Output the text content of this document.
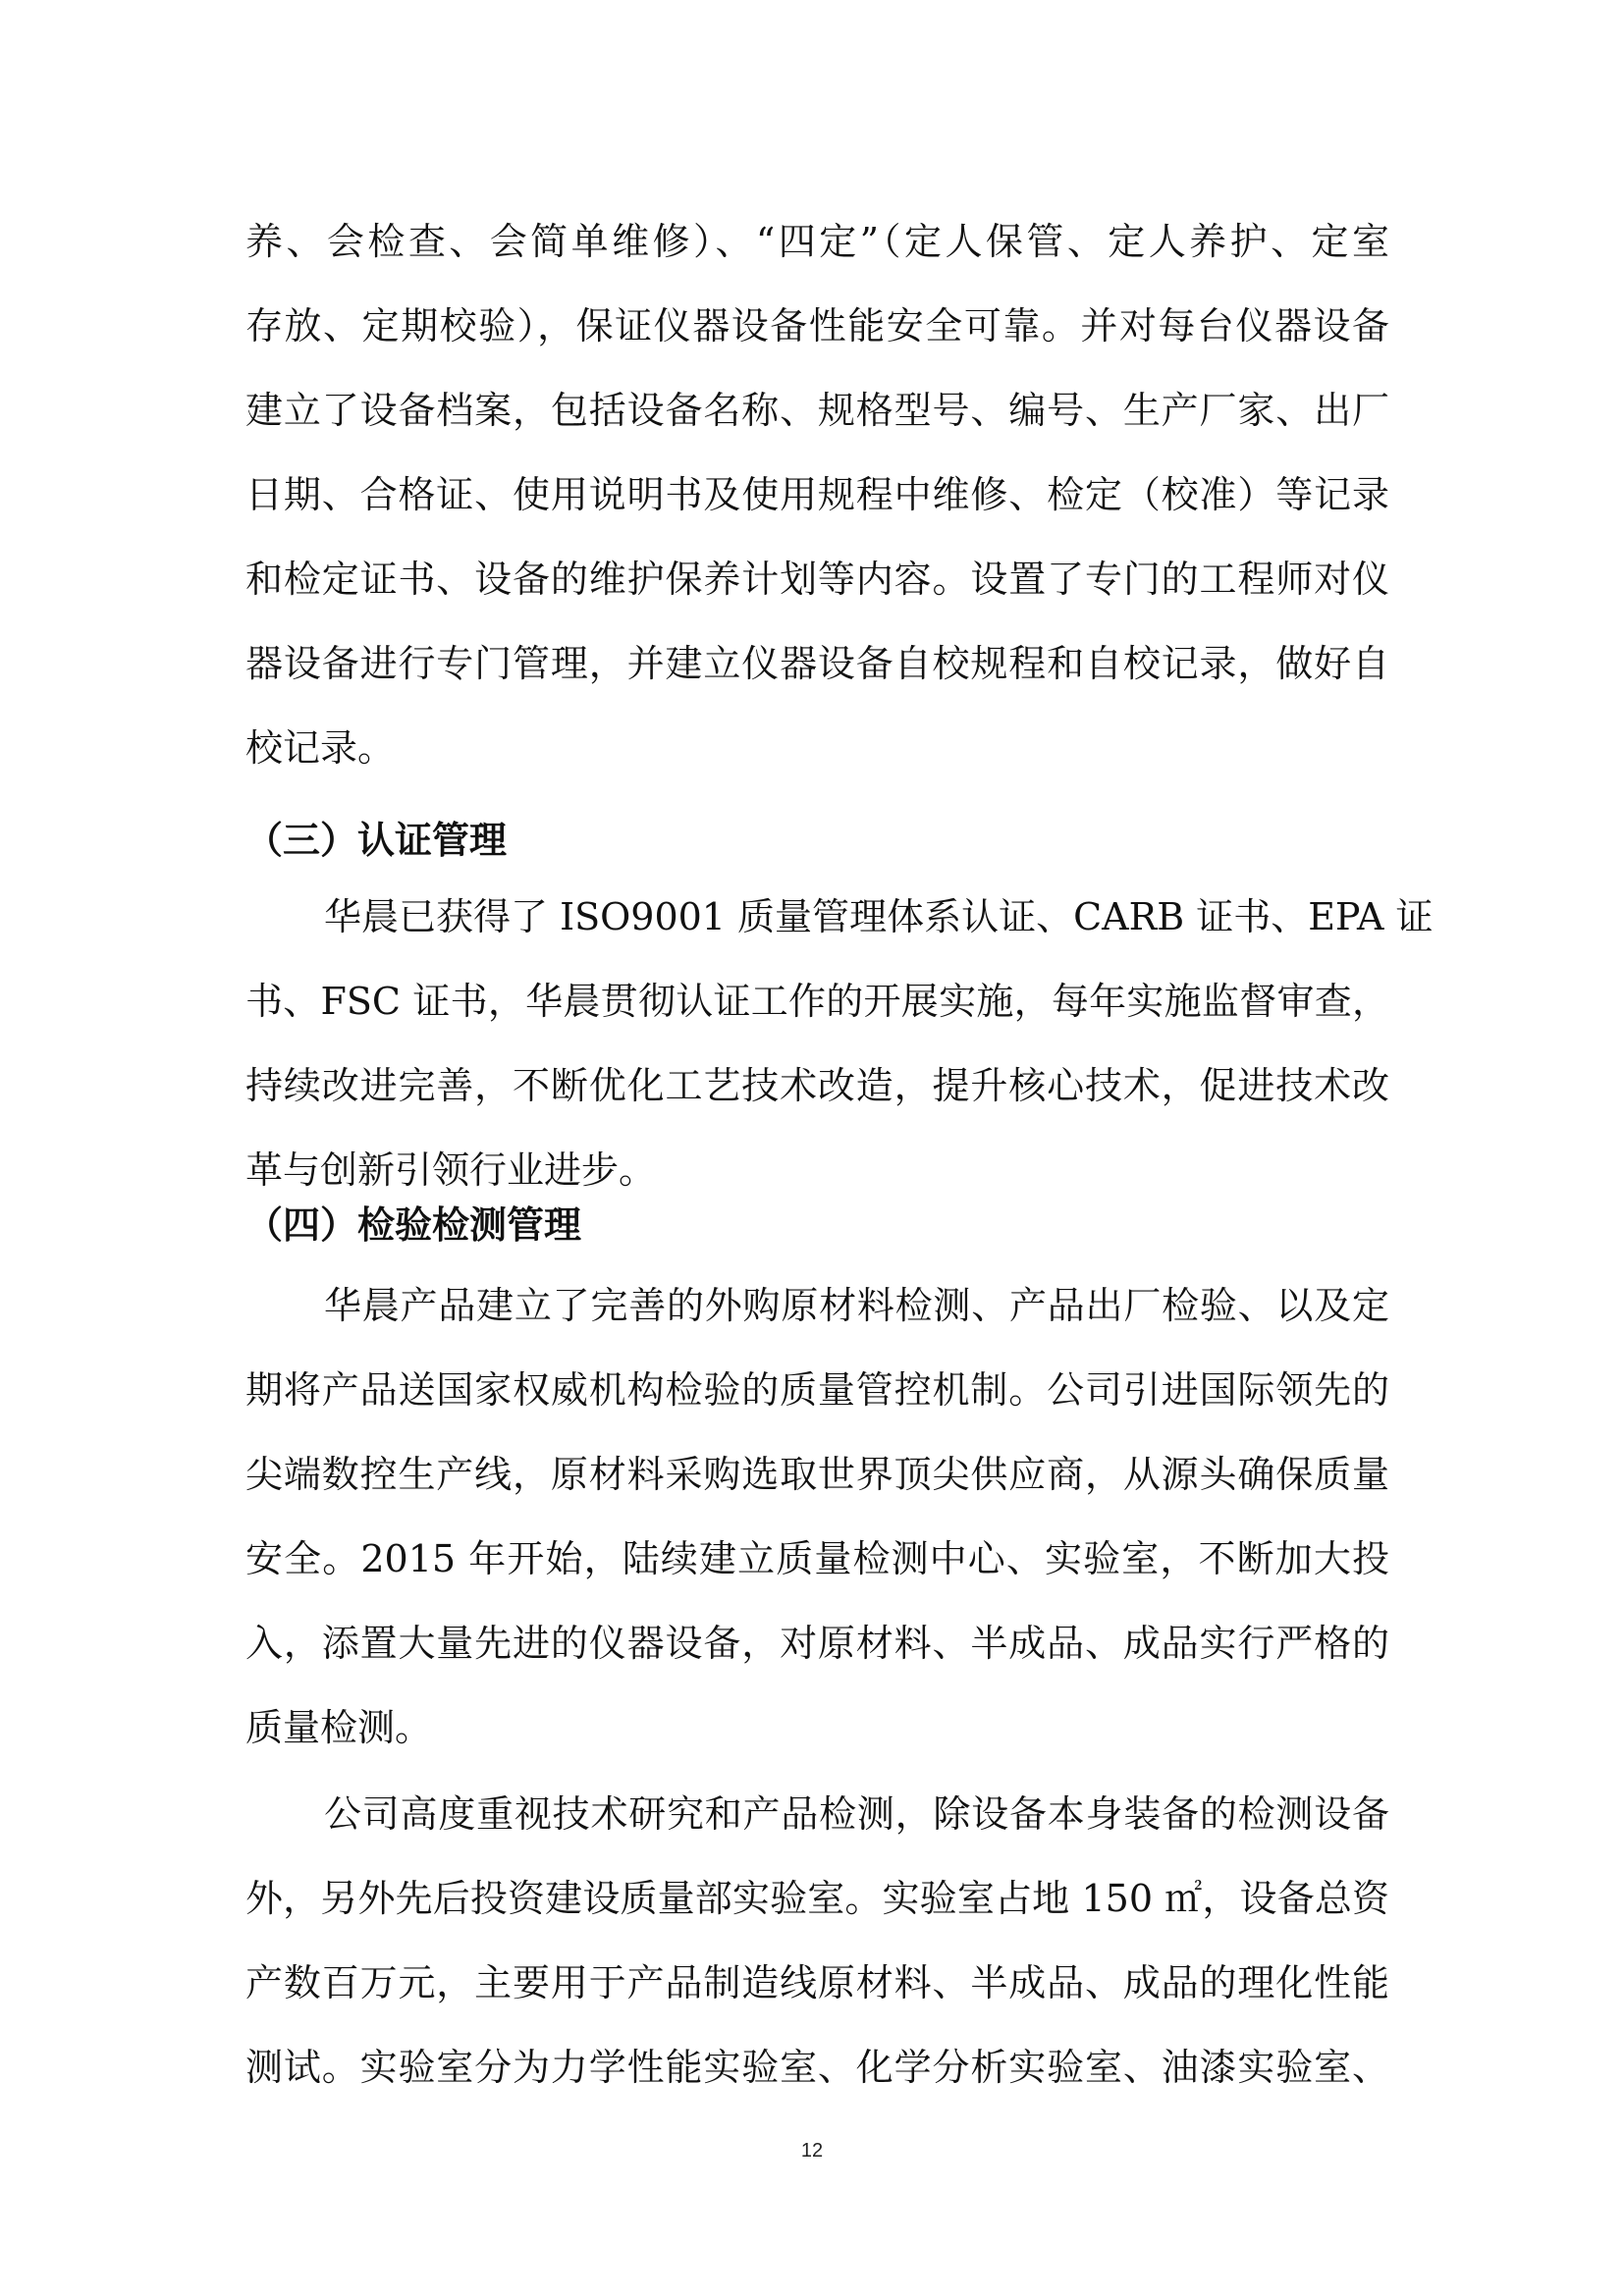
养、会检查、会简单维修）、“四定”（定人保管、定人养护、定室
存放、定期校验），保证仪器设备性能安全可靠。并对每台仪器设备
建立了设备档案，包括设备名称、规格型号、编号、生产厂家、出厂
日期、合格证、使用说明书及使用规程中维修、检定（校准）等记录
和检定证书、设备的维护保养计划等内容。设置了专门的工程师对仪
器设备进行专门管理，并建立仪器设备自校规程和自校记录，做好自
校记录。
（三）认证管理
华晨已获得了 ISO9001 质量管理体系认证、CARB 证书、EPA 证
书、FSC 证书，华晨贯彻认证工作的开展实施，每年实施监督审查，
持续改进完善，不断优化工艺技术改造，提升核心技术，促进技术改
革与创新引领行业进步。
（四）检验检测管理
华晨产品建立了完善的外购原材料检测、产品出厂检验、以及定
期将产品送国家权威机构检验的质量管控机制。公司引进国际领先的
尖端数控生产线，原材料采购选取世界顶尖供应商，从源头确保质量
安全。2015 年开始，陆续建立质量检测中心、实验室，不断加大投
入，添置大量先进的仪器设备，对原材料、半成品、成品实行严格的
质量检测。
公司高度重视技术研究和产品检测，除设备本身装备的检测设备
外，另外先后投资建设质量部实验室。实验室占地 150 ㎡，设备总资
产数百万元，主要用于产品制造线原材料、半成品、成品的理化性能
测试。实验室分为力学性能实验室、化学分析实验室、油漆实验室、
12
